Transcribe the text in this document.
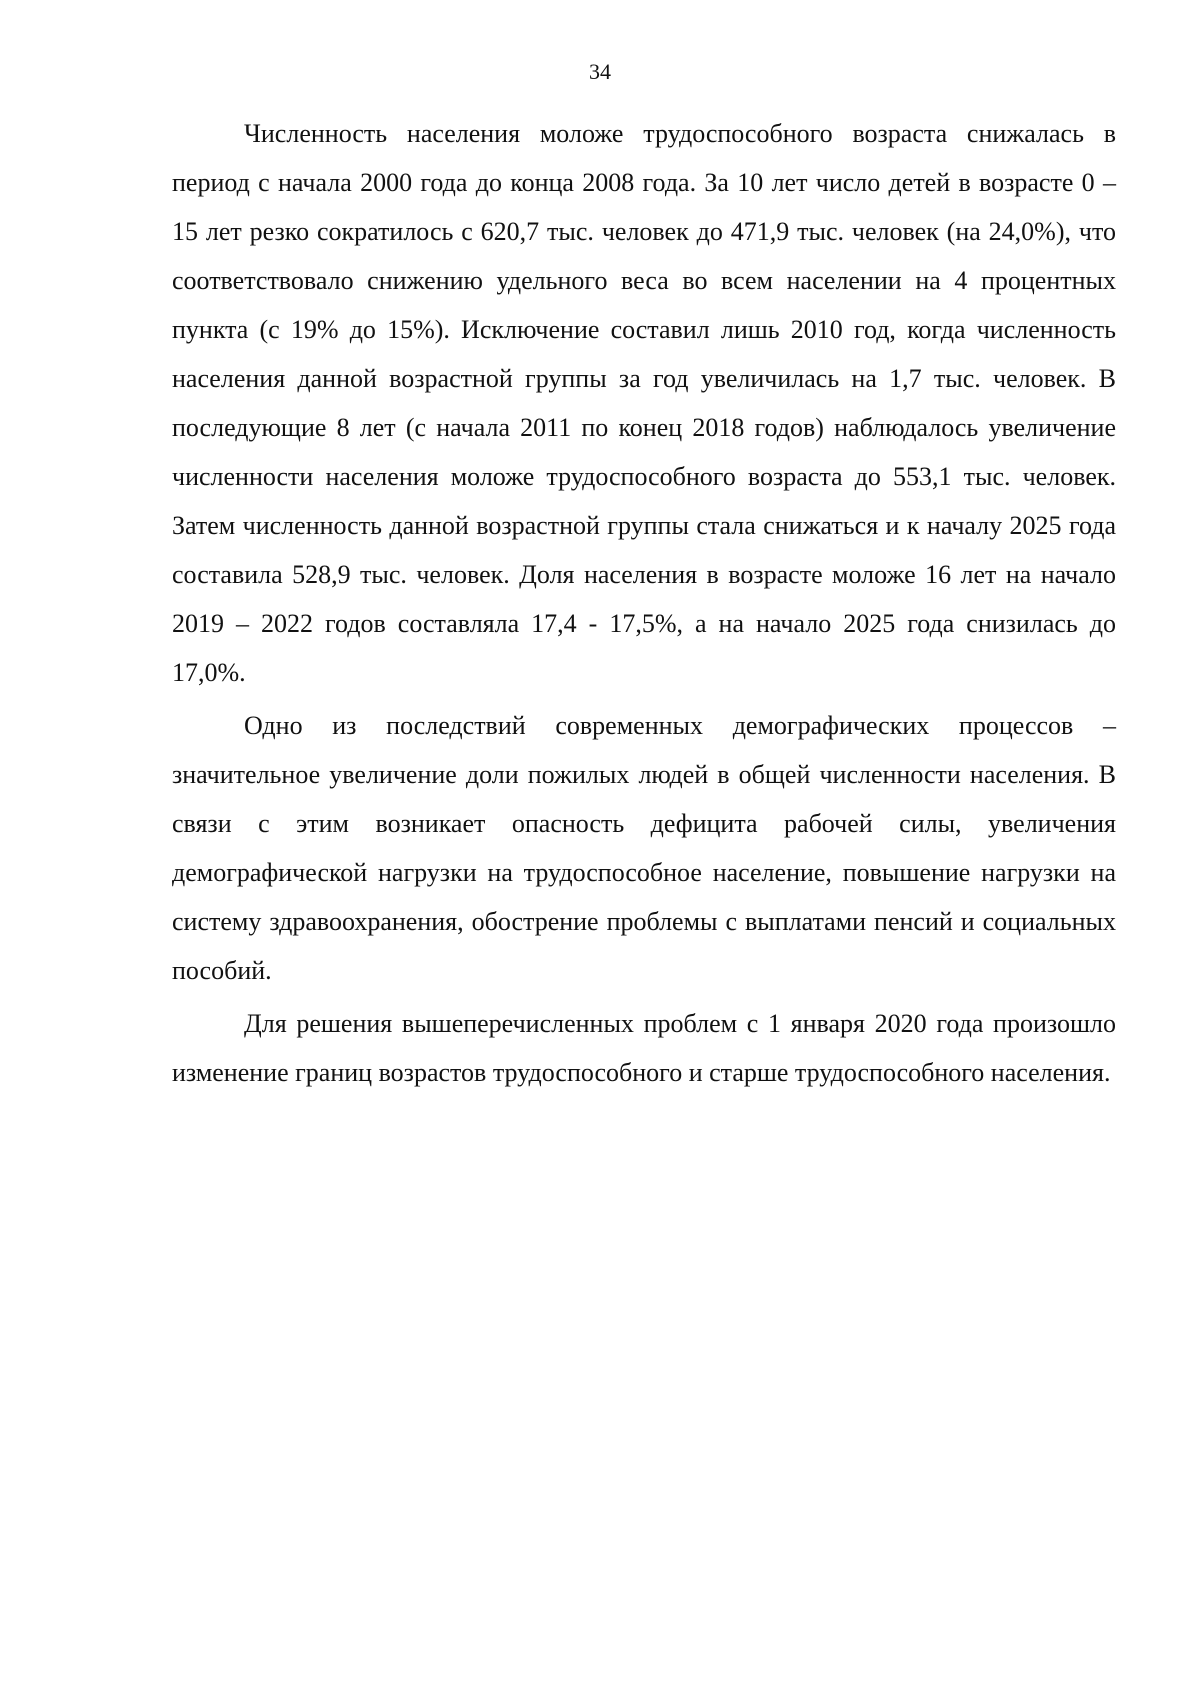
34

Численность населения моложе трудоспособного возраста снижалась в период с начала 2000 года до конца 2008 года. За 10 лет число детей в возрасте 0 – 15 лет резко сократилось с 620,7 тыс. человек до 471,9 тыс. человек (на 24,0%), что соответствовало снижению удельного веса во всем населении на 4 процентных пункта (с 19% до 15%). Исключение составил лишь 2010 год, когда численность населения данной возрастной группы за год увеличилась на 1,7 тыс. человек. В последующие 8 лет (с начала 2011 по конец 2018 годов) наблюдалось увеличение численности населения моложе трудоспособного возраста до 553,1 тыс. человек. Затем численность данной возрастной группы стала снижаться и к началу 2025 года составила 528,9 тыс. человек. Доля населения в возрасте моложе 16 лет на начало 2019 – 2022 годов составляла 17,4 - 17,5%, а на начало 2025 года снизилась до 17,0%.

Одно из последствий современных демографических процессов – значительное увеличение доли пожилых людей в общей численности населения. В связи с этим возникает опасность дефицита рабочей силы, увеличения демографической нагрузки на трудоспособное население, повышение нагрузки на систему здравоохранения, обострение проблемы с выплатами пенсий и социальных пособий.

Для решения вышеперечисленных проблем с 1 января 2020 года произошло изменение границ возрастов трудоспособного и старше трудоспособного населения.
